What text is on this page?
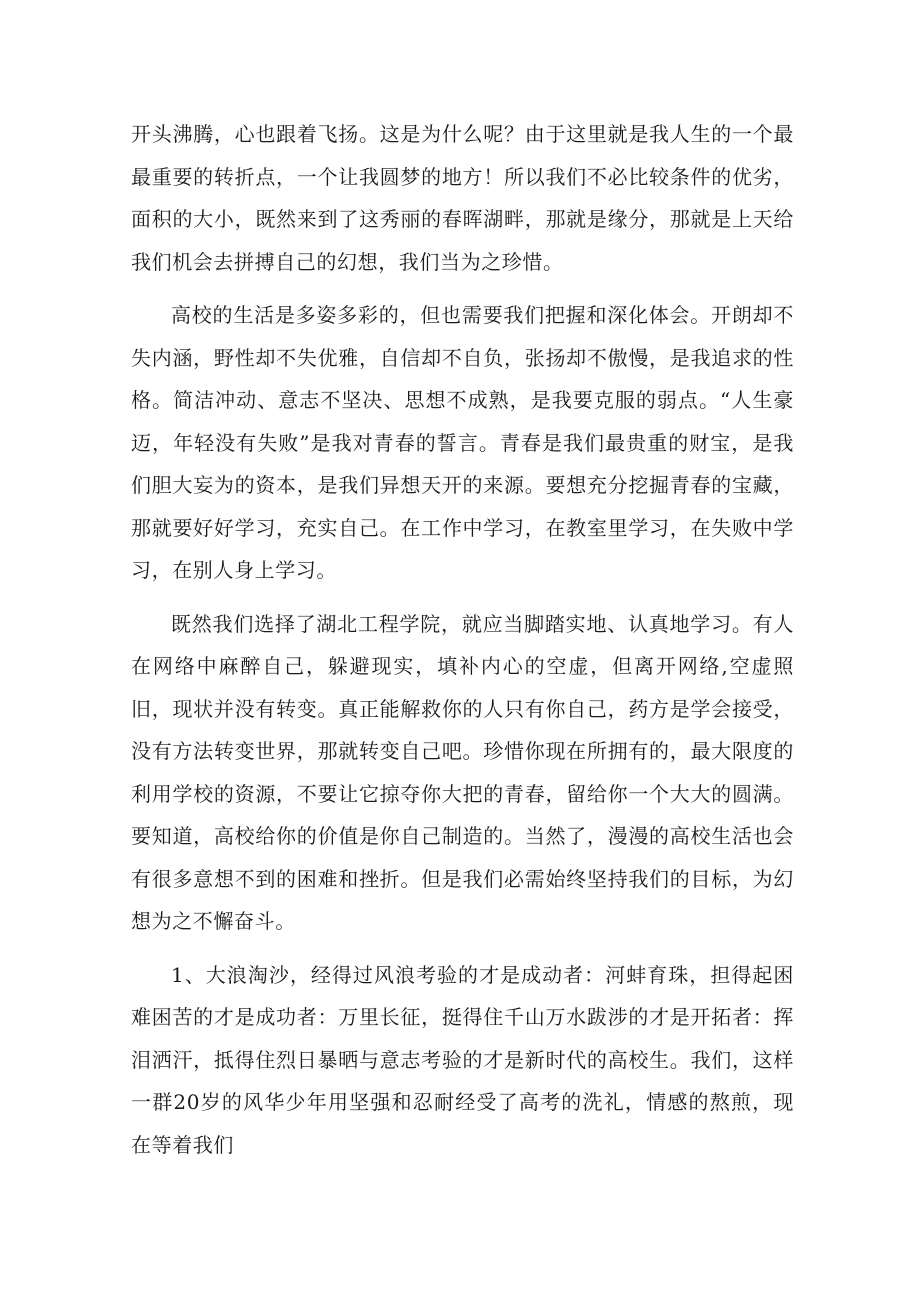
开头沸腾，心也跟着飞扬。这是为什么呢？由于这里就是我人生的一个最最重要的转折点，一个让我圆梦的地方！所以我们不必比较条件的优劣，面积的大小，既然来到了这秀丽的春晖湖畔，那就是缘分，那就是上天给我们机会去拼搏自己的幻想，我们当为之珍惜。

高校的生活是多姿多彩的，但也需要我们把握和深化体会。开朗却不失内涵，野性却不失优雅，自信却不自负，张扬却不傲慢，是我追求的性格。简洁冲动、意志不坚决、思想不成熟，是我要克服的弱点。“人生豪迈，年轻没有失败”是我对青春的誓言。青春是我们最贵重的财宝，是我们胆大妄为的资本，是我们异想天开的来源。要想充分挖掘青春的宝藏，那就要好好学习，充实自己。在工作中学习，在教室里学习，在失败中学习，在别人身上学习。

既然我们选择了湖北工程学院，就应当脚踏实地、认真地学习。有人在网络中麻醉自己，躲避现实，填补内心的空虚，但离开网络,空虚照旧，现状并没有转变。真正能解救你的人只有你自己，药方是学会接受，没有方法转变世界，那就转变自己吧。珍惜你现在所拥有的，最大限度的利用学校的资源，不要让它掠夺你大把的青春，留给你一个大大的圆满。要知道，高校给你的价值是你自己制造的。当然了，漫漫的高校生活也会有很多意想不到的困难和挫折。但是我们必需始终坚持我们的目标，为幻想为之不懈奋斗。

1、大浪淘沙，经得过风浪考验的才是成动者：河蚌育珠，担得起困难困苦的才是成功者：万里长征，挺得住千山万水跋涉的才是开拓者：挥泪洒汗，抵得住烈日暴晒与意志考验的才是新时代的高校生。我们，这样一群20岁的风华少年用坚强和忍耐经受了高考的洗礼，情感的熬煎，现在等着我们
